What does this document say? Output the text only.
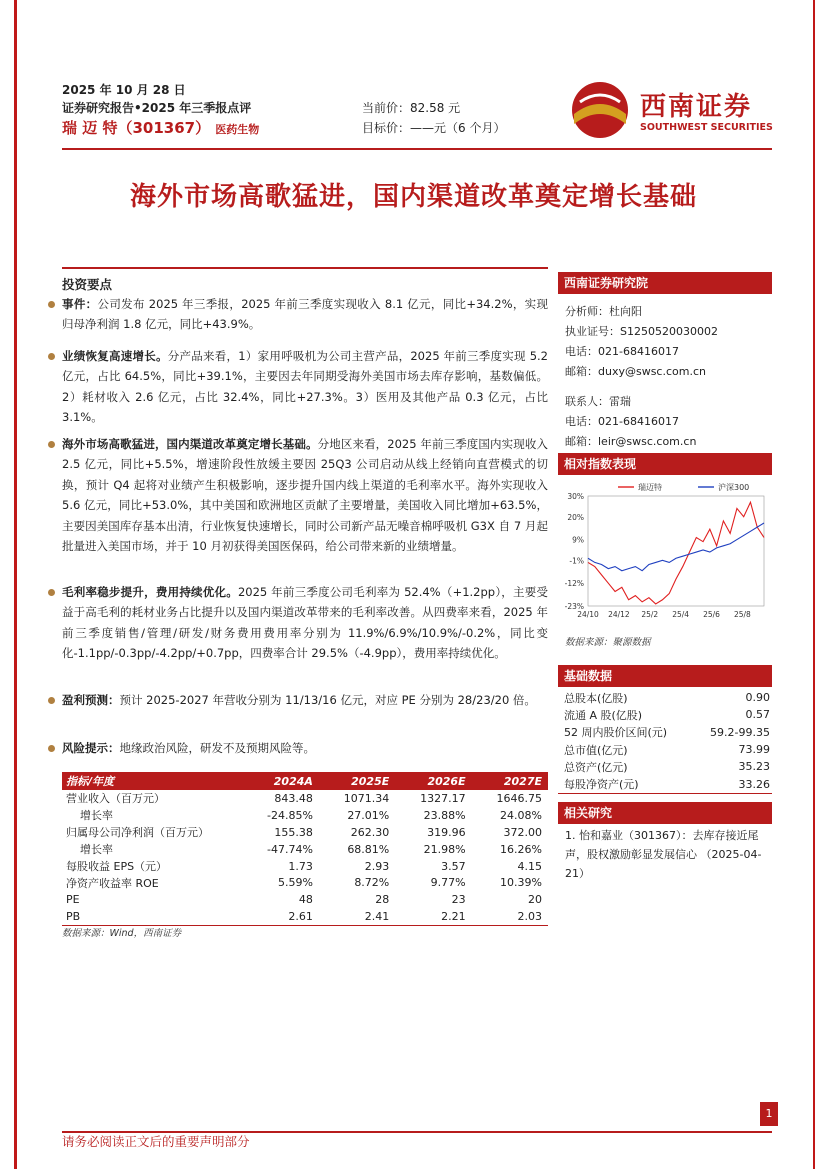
2025 年 10 月 28 日
证券研究报告•2025 年三季报点评
瑞 迈 特（301367） 医药生物
当前价：82.58 元
目标价：——元（6 个月）
西南证券
SOUTHWEST SECURITIES
海外市场高歌猛进，国内渠道改革奠定增长基础
投资要点
事件：公司发布 2025 年三季报，2025 年前三季度实现收入 8.1 亿元，同比+34.2%，实现归母净利润 1.8 亿元，同比+43.9%。
业绩恢复高速增长。分产品来看，1）家用呼吸机为公司主营产品，2025 年前三季度实现 5.2 亿元，占比 64.5%，同比+39.1%，主要因去年同期受海外美国市场去库存影响，基数偏低。2）耗材收入 2.6 亿元，占比 32.4%，同比+27.3%。3）医用及其他产品 0.3 亿元，占比 3.1%。
海外市场高歌猛进，国内渠道改革奠定增长基础。分地区来看，2025 年前三季度国内实现收入 2.5 亿元，同比+5.5%，增速阶段性放缓主要因 25Q3 公司启动从线上经销向直营模式的切换，预计 Q4 起将对业绩产生积极影响，逐步提升国内线上渠道的毛利率水平。海外实现收入 5.6 亿元，同比+53.0%，其中美国和欧洲地区贡献了主要增量，美国收入同比增加+63.5%，主要因美国库存基本出清，行业恢复快速增长，同时公司新产品无噪音棉呼吸机 G3X 自 7 月起批量进入美国市场，并于 10 月初获得美国医保码，给公司带来新的业绩增量。
毛利率稳步提升，费用持续优化。2025 年前三季度公司毛利率为 52.4%（+1.2pp），主要受益于高毛利的耗材业务占比提升以及国内渠道改革带来的毛利率改善。从四费率来看，2025 年前三季度销售/管理/研发/财务费用费用率分别为 11.9%/6.9%/10.9%/-0.2%，同比变化-1.1pp/-0.3pp/-4.2pp/+0.7pp，四费率合计 29.5%（-4.9pp），费用率持续优化。
盈利预测：预计 2025-2027 年营收分别为 11/13/16 亿元，对应 PE 分别为 28/23/20 倍。
风险提示：地缘政治风险，研发不及预期风险等。
指标/年度	2024A	2025E	2026E	2027E
营业收入（百万元）	843.48	1071.34	1327.17	1646.75
增长率	-24.85%	27.01%	23.88%	24.08%
归属母公司净利润（百万元）	155.38	262.30	319.96	372.00
增长率	-47.74%	68.81%	21.98%	16.26%
每股收益 EPS（元）	1.73	2.93	3.57	4.15
净资产收益率 ROE	5.59%	8.72%	9.77%	10.39%
PE	48	28	23	20
PB	2.61	2.41	2.21	2.03
数据来源：Wind，西南证券
西南证券研究院
分析师：杜向阳
执业证号：S1250520030002
电话：021-68416017
邮箱：duxy@swsc.com.cn
联系人：雷瑞
电话：021-68416017
邮箱：leir@swsc.com.cn
相对指数表现
30%
20%
9%
-1%
-12%
-23%
24/10 24/12 25/2 25/4 25/6 25/8
瑞迈特	沪深300
数据来源：聚源数据
基础数据
总股本(亿股)	0.90
流通 A 股(亿股)	0.57
52 周内股价区间(元)	59.2-99.35
总市值(亿元)	73.99
总资产(亿元)	35.23
每股净资产(元)	33.26
相关研究
1. 怡和嘉业（301367）：去库存接近尾声，股权激励彰显发展信心 （2025-04-21）
请务必阅读正文后的重要声明部分
1
